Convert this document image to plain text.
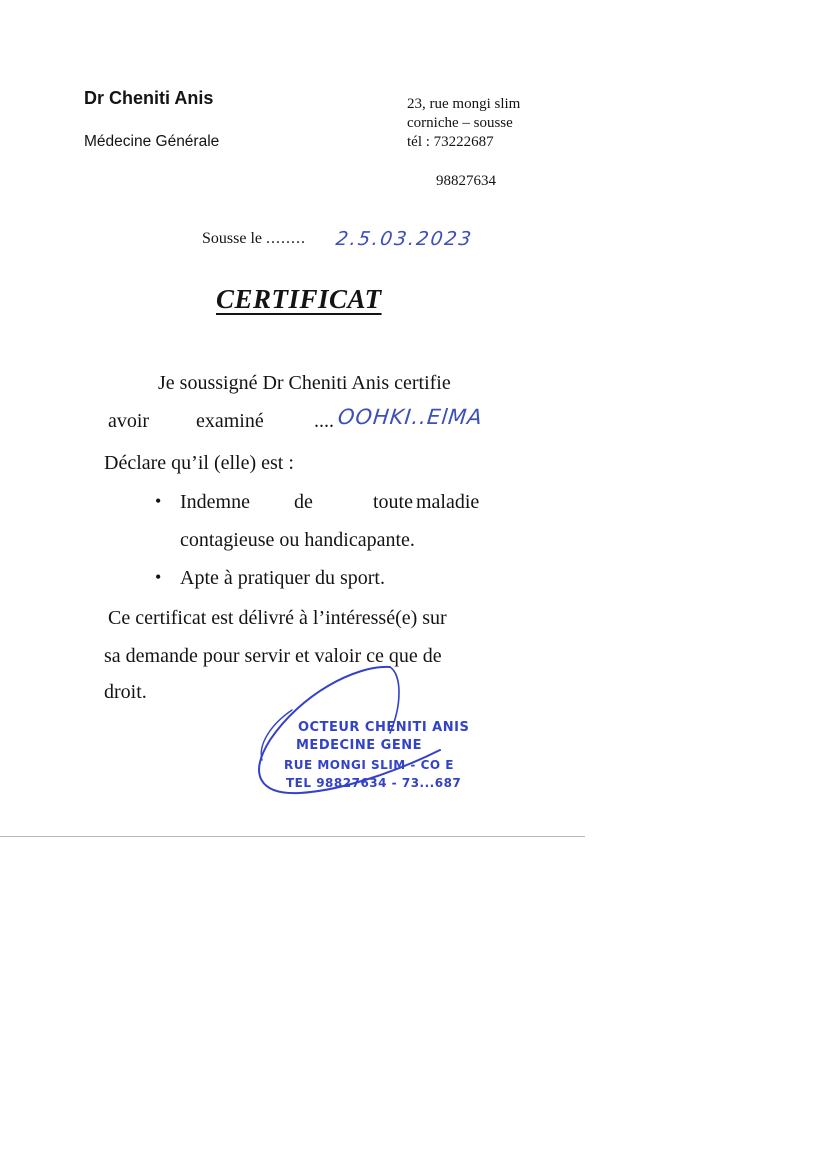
Dr Cheniti Anis
Médecine Générale
23, rue mongi slim
corniche – sousse
tél : 73222687
98827634
Sousse le ........ 2.5.03.2023
CERTIFICAT
Je soussigné Dr Cheniti Anis certifie
avoir examiné	.... OOHKI..ElMA
Déclare qu’il (elle) est :
• Indemne de	toute maladie
contagieuse ou handicapante.
• Apte à pratiquer du sport.
Ce certificat est délivré à l’intéressé(e) sur
sa demande pour servir et valoir ce que de
droit.
OCTEUR CHENITI ANIS
MEDECINE GENE
RUE MONGI SLIM - CO E
TEL 98827634 - 73...687
